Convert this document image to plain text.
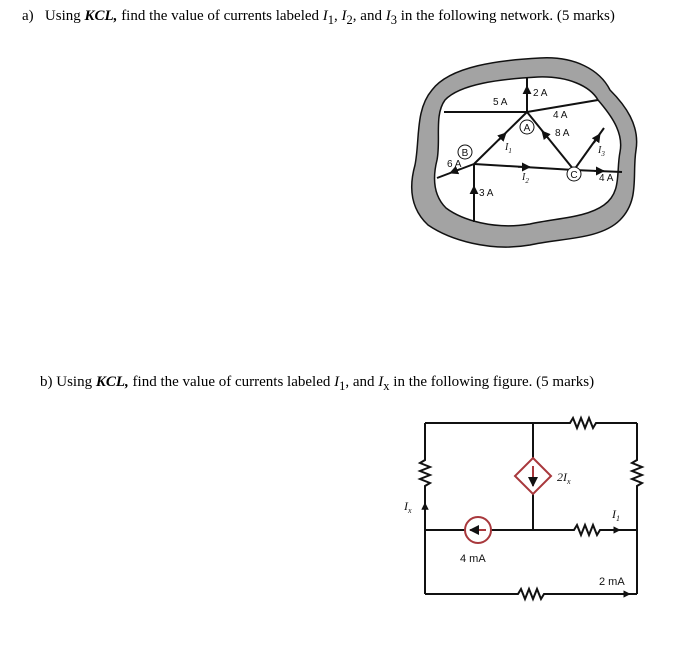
a) Using KCL, find the value of currents labeled $I_1$, $I_2$, and $I_3$ in the following network. (5 marks)
A
B
C
5 A
2 A
4 A
8 A
6 A
3 A
4 A
$I_1$
$I_2$
$I_3$
b) Using KCL, find the value of currents labeled $I_1$, and $I_x$ in the following figure. (5 marks)
4 mA
2 mA
$2I_x$
$I_x$	$I_1$
